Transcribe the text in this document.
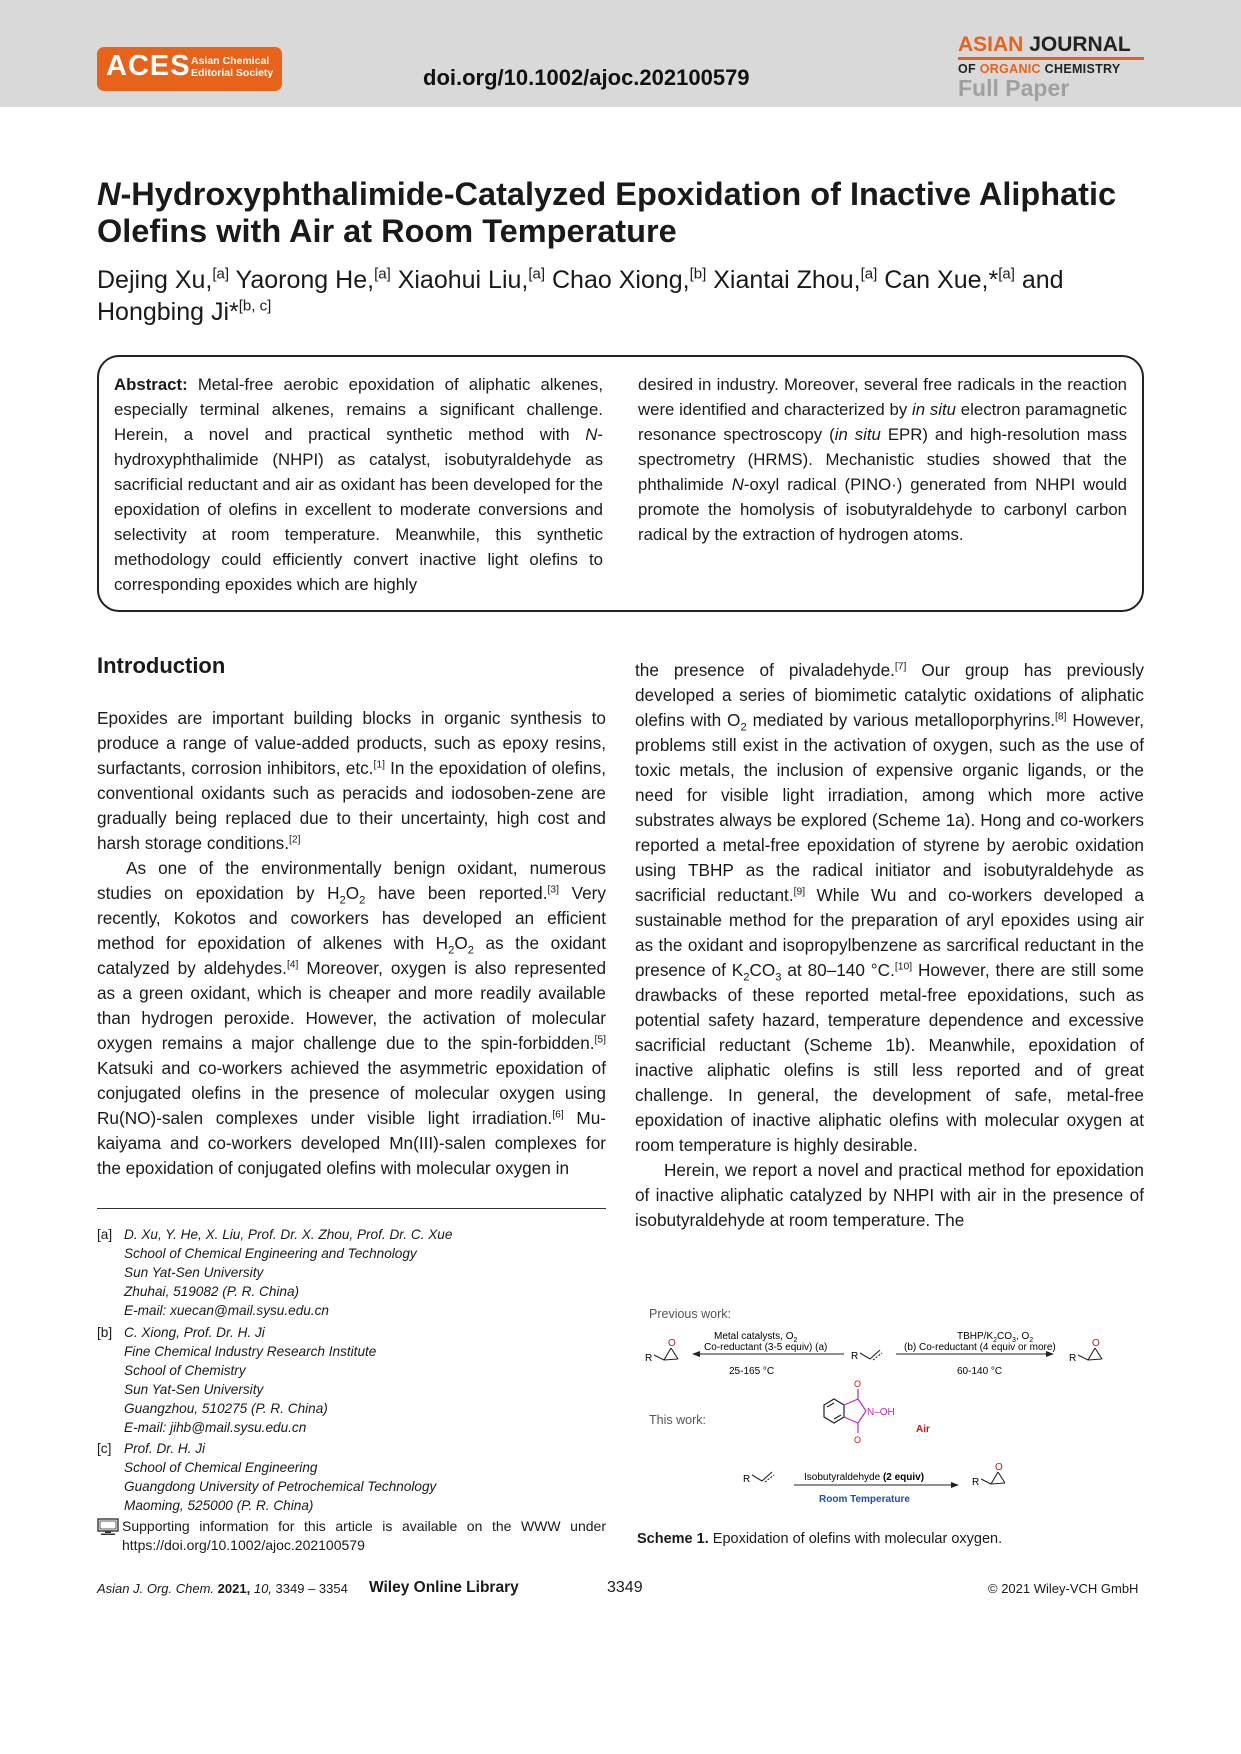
ACES Asian Chemical
Editorial Society	doi.org/10.1002/ajoc.202100579
ASIAN JOURNAL
OF ORGANIC CHEMISTRY
Full Paper
N-Hydroxyphthalimide-Catalyzed Epoxidation of Inactive Aliphatic Olefins with Air at Room Temperature
Dejing Xu,[a] Yaorong He,[a] Xiaohui Liu,[a] Chao Xiong,[b] Xiantai Zhou,[a] Can Xue,*[a] and
Hongbing Ji*[b, c]
Abstract: Metal-free aerobic epoxidation of aliphatic alkenes, especially terminal alkenes, remains a significant challenge. Herein, a novel and practical synthetic method with N-hydroxyphthalimide (NHPI) as catalyst, isobutyraldehyde as sacrificial reductant and air as oxidant has been developed for the epoxidation of olefins in excellent to moderate conversions and selectivity at room temperature. Meanwhile, this synthetic methodology could efficiently convert inactive light olefins to corresponding epoxides which are highly
desired in industry. Moreover, several free radicals in the reaction were identified and characterized by in situ electron paramagnetic resonance spectroscopy (in situ EPR) and high-resolution mass spectrometry (HRMS). Mechanistic studies showed that the phthalimide N-oxyl radical (PINO·) generated from NHPI would promote the homolysis of isobutyraldehyde to carbonyl carbon radical by the extraction of hydrogen atoms.
Introduction

Epoxides are important building blocks in organic synthesis to produce a range of value-added products, such as epoxy resins, surfactants, corrosion inhibitors, etc.[1] In the epoxidation of olefins, conventional oxidants such as peracids and iodosoben-zene are gradually being replaced due to their uncertainty, high cost and harsh storage conditions.[2]

As one of the environmentally benign oxidant, numerous studies on epoxidation by $H_2O_2$ have been reported.[3] Very recently, Kokotos and coworkers has developed an efficient method for epoxidation of alkenes with $H_2O_2$ as the oxidant catalyzed by aldehydes.[4] Moreover, oxygen is also represented as a green oxidant, which is cheaper and more readily available than hydrogen peroxide. However, the activation of molecular oxygen remains a major challenge due to the spin-forbidden.[5] Katsuki and co-workers achieved the asymmetric epoxidation of conjugated olefins in the presence of molecular oxygen using Ru(NO)-salen complexes under visible light irradiation.[6] Mu-kaiyama and co-workers developed Mn(III)-salen complexes for the epoxidation of conjugated olefins with molecular oxygen in

the presence of pivaladehyde.[7] Our group has previously developed a series of biomimetic catalytic oxidations of aliphatic olefins with $O_2$ mediated by various metalloporphyrins.[8] However, problems still exist in the activation of oxygen, such as the use of toxic metals, the inclusion of expensive organic ligands, or the need for visible light irradiation, among which more active substrates always be explored (Scheme 1a). Hong and co-workers reported a metal-free epoxidation of styrene by aerobic oxidation using TBHP as the radical initiator and isobutyraldehyde as sacrificial reductant.[9] While Wu and co-workers developed a sustainable method for the preparation of aryl epoxides using air as the oxidant and isopropylbenzene as sarcrifical reductant in the presence of $K_2CO_3$ at 80–140 °C.[10] However, there are still some drawbacks of these reported metal-free epoxidations, such as potential safety hazard, temperature dependence and excessive sacrificial reductant (Scheme 1b). Meanwhile, epoxidation of inactive aliphatic olefins is still less reported and of great challenge. In general, the development of safe, metal-free epoxidation of inactive aliphatic olefins with molecular oxygen at room temperature is highly desirable.

Herein, we report a novel and practical method for epoxidation of inactive aliphatic catalyzed by NHPI with air in the presence of isobutyraldehyde at room temperature. The

[a] D. Xu, Y. He, X. Liu, Prof. Dr. X. Zhou, Prof. Dr. C. Xue
School of Chemical Engineering and Technology
Sun Yat-Sen University
Zhuhai, 519082 (P. R. China)
E-mail: xuecan@mail.sysu.edu.cn
[b] C. Xiong, Prof. Dr. H. Ji
Fine Chemical Industry Research Institute
School of Chemistry
Sun Yat-Sen University
Guangzhou, 510275 (P. R. China)
E-mail: jihb@mail.sysu.edu.cn
[c] Prof. Dr. H. Ji
School of Chemical Engineering
Guangdong University of Petrochemical Technology
Maoming, 525000 (P. R. China)
Supporting information for this article is available on the WWW under https://doi.org/10.1002/ajoc.202100579
Previous work:
R
O
Metal catalysts, $O_2$
Co-reductant (3-5 equiv) (a)
25-165 °C
R
TBHP/$K_2CO_3$, $O_2$
(b) Co-reductant (4 equiv or more)
60-140 °C
R
O
This work:
O
O
N–OH
Air
R	Isobutyraldehyde (2 equiv)
Room Temperature
R
O
Scheme 1. Epoxidation of olefins with molecular oxygen.
Asian J. Org. Chem. 2021, 10, 3349 – 3354 Wiley Online Library	3349	© 2021 Wiley-VCH GmbH
